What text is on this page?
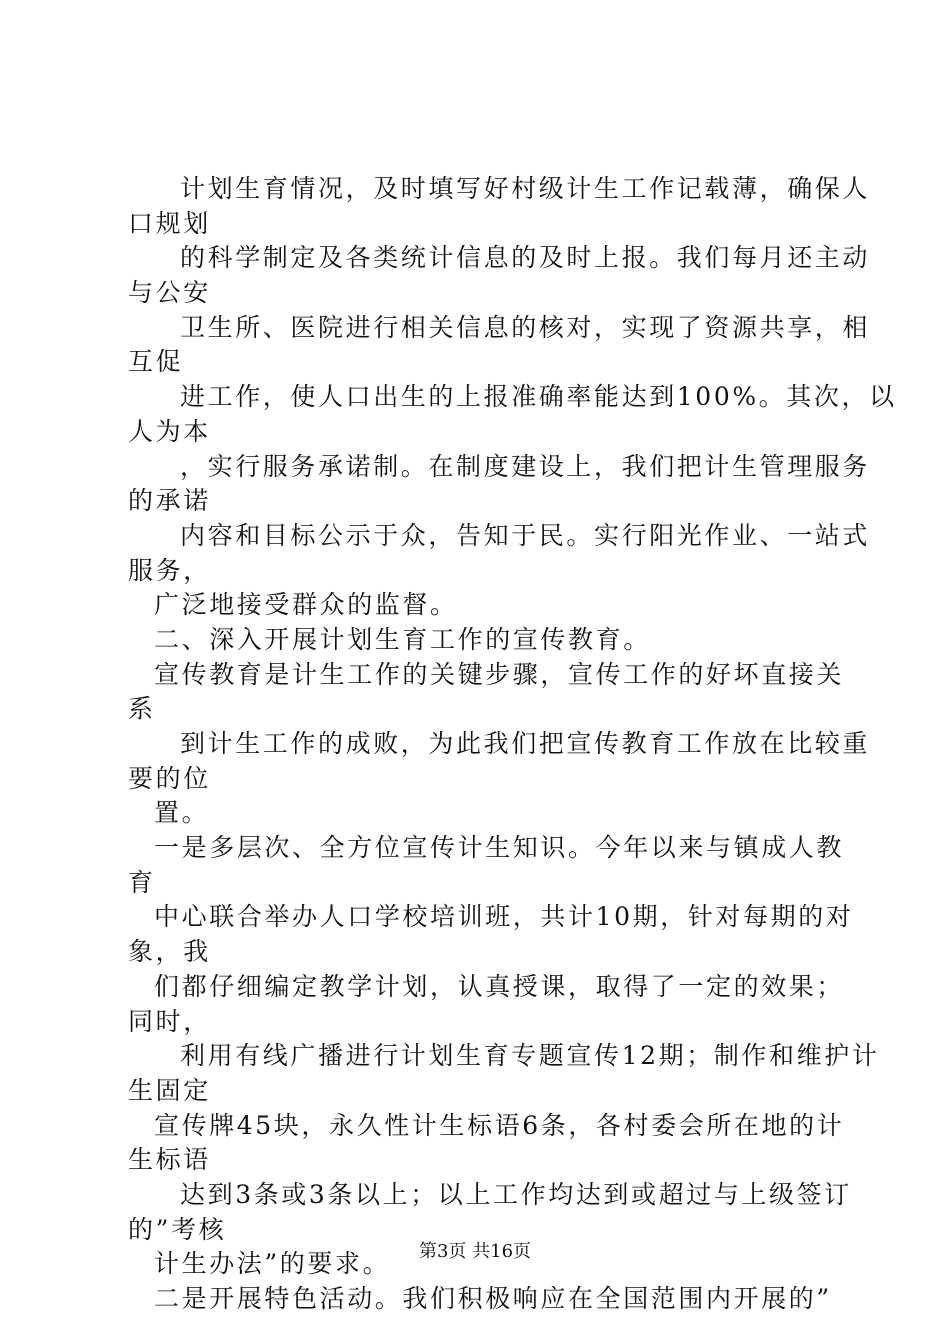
计划生育情况，及时填写好村级计生工作记载薄，确保人
口规划
的科学制定及各类统计信息的及时上报。我们每月还主动
与公安
卫生所、医院进行相关信息的核对，实现了资源共享，相
互促
进工作，使人口出生的上报准确率能达到100%。其次，以
人为本
，实行服务承诺制。在制度建设上，我们把计生管理服务
的承诺
内容和目标公示于众，告知于民。实行阳光作业、一站式
服务，
广泛地接受群众的监督。
二、深入开展计划生育工作的宣传教育。
宣传教育是计生工作的关键步骤，宣传工作的好坏直接关
系
到计生工作的成败，为此我们把宣传教育工作放在比较重
要的位
置。
一是多层次、全方位宣传计生知识。今年以来与镇成人教
育
中心联合举办人口学校培训班，共计10期，针对每期的对
象，我
们都仔细编定教学计划，认真授课，取得了一定的效果；
同时，
利用有线广播进行计划生育专题宣传12期；制作和维护计
生固定
宣传牌45块，永久性计生标语6条，各村委会所在地的计
生标语
达到3条或3条以上；以上工作均达到或超过与上级签订
的”考核
计生办法”的要求。
二是开展特色活动。我们积极响应在全国范围内开展的”
第3页 共16页
